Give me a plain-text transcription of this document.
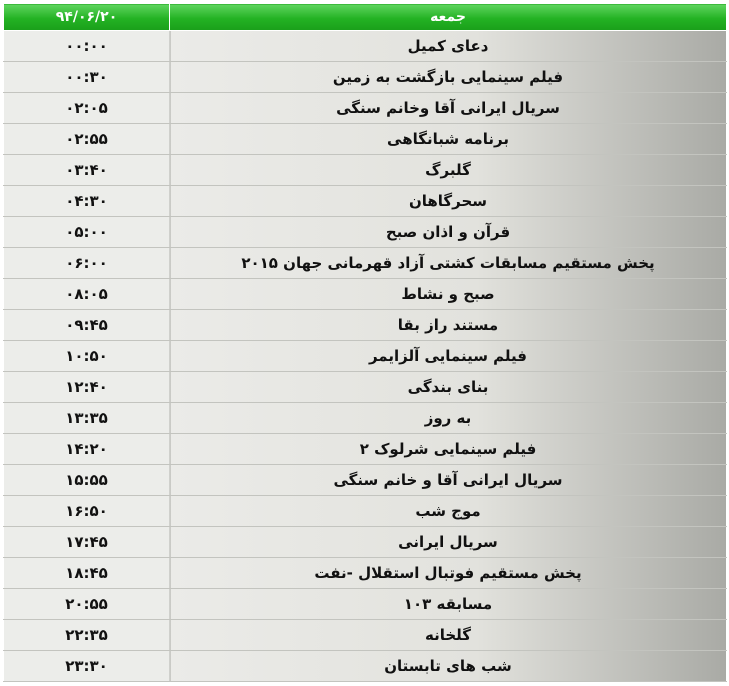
۹۴/۰۶/۲۰	جمعه
۰۰:۰۰	دعای کمیل
۰۰:۳۰	فیلم سینمایی بازگشت به زمین
۰۲:۰۵	سریال ایرانی آقا وخانم سنگی
۰۲:۵۵	برنامه شبانگاهی
۰۳:۴۰	گلبرگ
۰۴:۳۰	سحرگاهان
۰۵:۰۰	قرآن و اذان صبح
۰۶:۰۰	پخش مستقیم مسابقات کشتی آزاد قهرمانی جهان ۲۰۱۵
۰۸:۰۵	صبح و نشاط
۰۹:۴۵	مستند راز بقا
۱۰:۵۰	فیلم سینمایی آلزایمر
۱۲:۴۰	بنای بندگی
۱۳:۳۵	به روز
۱۴:۲۰	فیلم سینمایی شرلوک ۲
۱۵:۵۵	سریال ایرانی آقا و خانم سنگی
۱۶:۵۰	موج شب
۱۷:۴۵	سریال ایرانی
۱۸:۴۵	پخش مستقیم فوتبال استقلال -نفت
۲۰:۵۵	مسابقه ۱۰۳
۲۲:۳۵	گلخانه
۲۳:۳۰	شب های تابستان
